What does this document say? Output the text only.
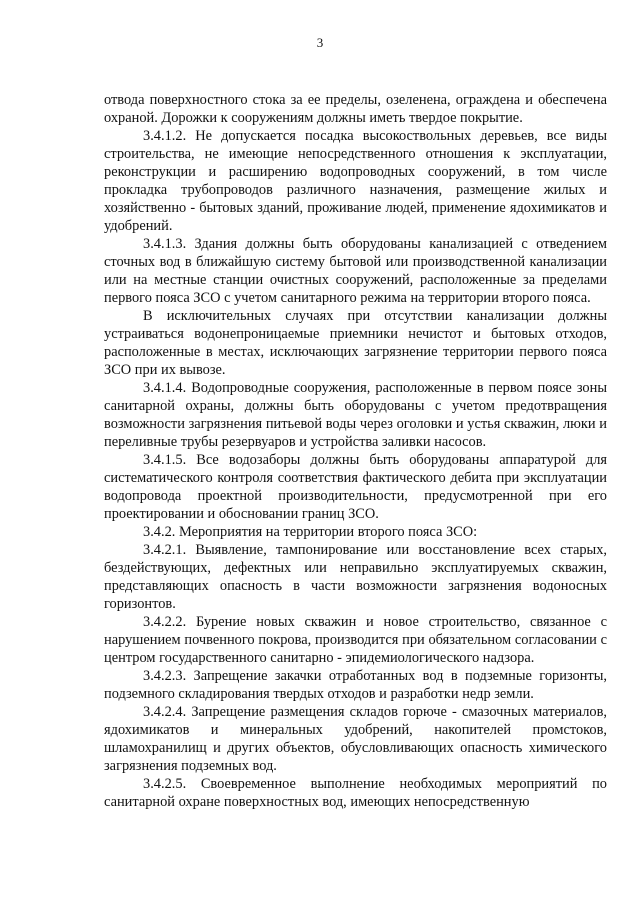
3

отвода поверхностного стока за ее пределы, озеленена, ограждена и обеспечена охраной. Дорожки к сооружениям должны иметь твердое покрытие.

3.4.1.2. Не допускается посадка высокоствольных деревьев, все виды строительства, не имеющие непосредственного отношения к эксплуатации, реконструкции и расширению водопроводных сооружений, в том числе прокладка трубопроводов различного назначения, размещение жилых и хозяйственно - бытовых зданий, проживание людей, применение ядохимикатов и удобрений.

3.4.1.3. Здания должны быть оборудованы канализацией с отведением сточных вод в ближайшую систему бытовой или производственной канализации или на местные станции очистных сооружений, расположенные за пределами первого пояса ЗСО с учетом санитарного режима на территории второго пояса.

В исключительных случаях при отсутствии канализации должны устраиваться водонепроницаемые приемники нечистот и бытовых отходов, расположенные в местах, исключающих загрязнение территории первого пояса ЗСО при их вывозе.

3.4.1.4. Водопроводные сооружения, расположенные в первом поясе зоны санитарной охраны, должны быть оборудованы с учетом предотвращения возможности загрязнения питьевой воды через оголовки и устья скважин, люки и переливные трубы резервуаров и устройства заливки насосов.

3.4.1.5. Все водозаборы должны быть оборудованы аппаратурой для систематического контроля соответствия фактического дебита при эксплуатации водопровода проектной производительности, предусмотренной при его проектировании и обосновании границ ЗСО.

3.4.2. Мероприятия на территории второго пояса ЗСО:

3.4.2.1. Выявление, тампонирование или восстановление всех старых, бездействующих, дефектных или неправильно эксплуатируемых скважин, представляющих опасность в части возможности загрязнения водоносных горизонтов.

3.4.2.2. Бурение новых скважин и новое строительство, связанное с нарушением почвенного покрова, производится при обязательном согласовании с центром государственного санитарно - эпидемиологического надзора.

3.4.2.3. Запрещение закачки отработанных вод в подземные горизонты, подземного складирования твердых отходов и разработки недр земли.

3.4.2.4. Запрещение размещения складов горюче - смазочных материалов, ядохимикатов и минеральных удобрений, накопителей промстоков, шламохранилищ и других объектов, обусловливающих опасность химического загрязнения подземных вод.

3.4.2.5. Своевременное выполнение необходимых мероприятий по санитарной охране поверхностных вод, имеющих непосредственную
